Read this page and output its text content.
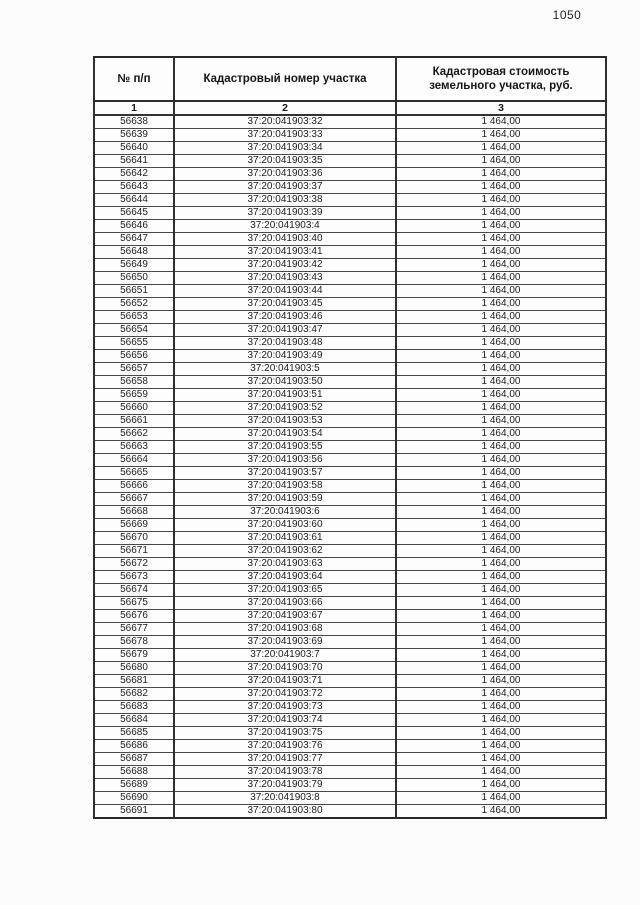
1050
№ п/п	Кадастровый номер участка	Кадастровая стоимость земельного участка, руб.
1	2	3
56638	37:20:041903:32	1 464,00
56639	37:20:041903:33	1 464,00
56640	37:20:041903:34	1 464,00
56641	37:20:041903:35	1 464,00
56642	37:20:041903:36	1 464,00
56643	37:20:041903:37	1 464,00
56644	37:20:041903:38	1 464,00
56645	37:20:041903:39	1 464,00
56646	37:20:041903:4	1 464,00
56647	37:20:041903:40	1 464,00
56648	37:20:041903:41	1 464,00
56649	37:20:041903:42	1 464,00
56650	37:20:041903:43	1 464,00
56651	37:20:041903:44	1 464,00
56652	37:20:041903:45	1 464,00
56653	37:20:041903:46	1 464,00
56654	37:20:041903:47	1 464,00
56655	37:20:041903:48	1 464,00
56656	37:20:041903:49	1 464,00
56657	37:20:041903:5	1 464,00
56658	37:20:041903:50	1 464,00
56659	37:20:041903:51	1 464,00
56660	37:20:041903:52	1 464,00
56661	37:20:041903:53	1 464,00
56662	37:20:041903:54	1 464,00
56663	37:20:041903:55	1 464,00
56664	37:20:041903:56	1 464,00
56665	37:20:041903:57	1 464,00
56666	37:20:041903:58	1 464,00
56667	37:20:041903:59	1 464,00
56668	37:20:041903:6	1 464,00
56669	37:20:041903:60	1 464,00
56670	37:20:041903:61	1 464,00
56671	37:20:041903:62	1 464,00
56672	37:20:041903:63	1 464,00
56673	37:20:041903:64	1 464,00
56674	37:20:041903:65	1 464,00
56675	37:20:041903:66	1 464,00
56676	37:20:041903:67	1 464,00
56677	37:20:041903:68	1 464,00
56678	37:20:041903:69	1 464,00
56679	37:20:041903:7	1 464,00
56680	37:20:041903:70	1 464,00
56681	37:20:041903:71	1 464,00
56682	37:20:041903:72	1 464,00
56683	37:20:041903:73	1 464,00
56684	37:20:041903:74	1 464,00
56685	37:20:041903:75	1 464,00
56686	37:20:041903:76	1 464,00
56687	37:20:041903:77	1 464,00
56688	37:20:041903:78	1 464,00
56689	37:20:041903:79	1 464,00
56690	37:20:041903:8	1 464,00
56691	37:20:041903:80	1 464,00
